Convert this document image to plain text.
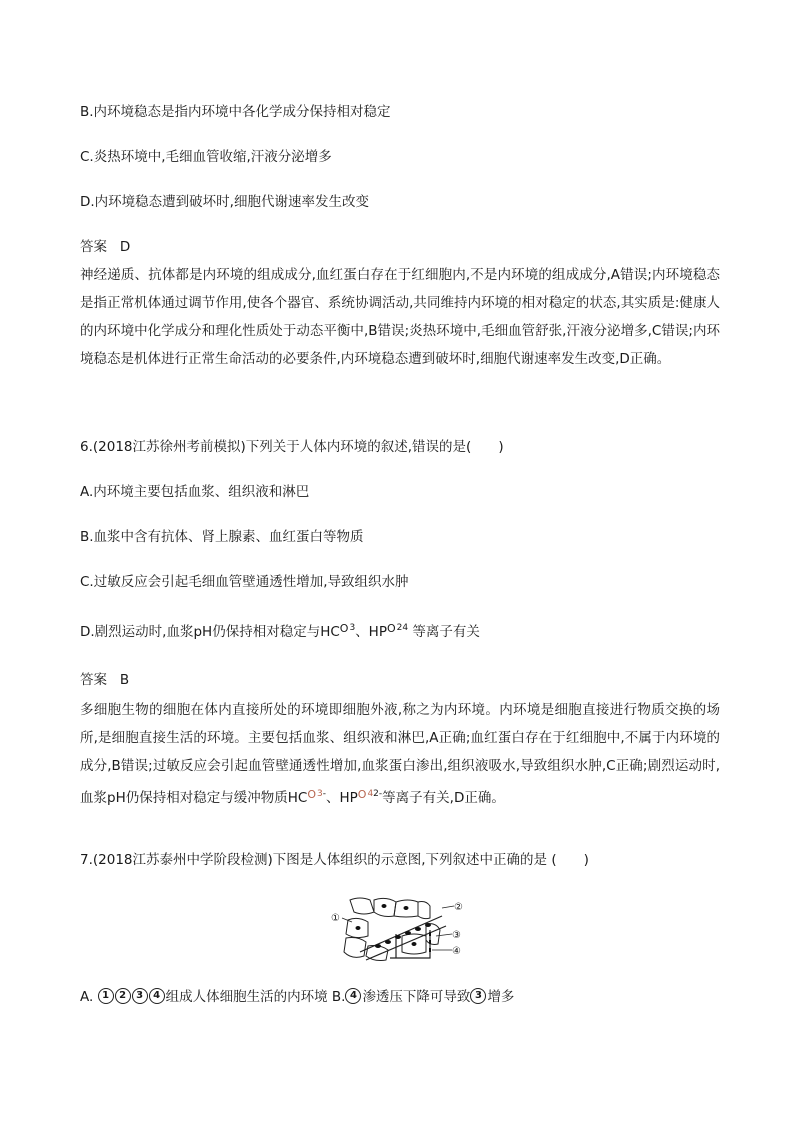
B.内环境稳态是指内环境中各化学成分保持相对稳定
C.炎热环境中,毛细血管收缩,汗液分泌增多
D.内环境稳态遭到破坏时,细胞代谢速率发生改变
答案 D
神经递质、抗体都是内环境的组成成分,血红蛋白存在于红细胞内,不是内环境的组成成分,A错误;内环境稳态是指正常机体通过调节作用,使各个器官、系统协调活动,共同维持内环境的相对稳定的状态,其实质是:健康人的内环境中化学成分和理化性质处于动态平衡中,B错误;炎热环境中,毛细血管舒张,汗液分泌增多,C错误;内环境稳态是机体进行正常生命活动的必要条件,内环境稳态遭到破坏时,细胞代谢速率发生改变,D正确。
6.(2018江苏徐州考前模拟)下列关于人体内环境的叙述,错误的是(　　)
A.内环境主要包括血浆、组织液和淋巴
B.血浆中含有抗体、肾上腺素、血红蛋白等物质
C.过敏反应会引起毛细血管壁通透性增加,导致组织水肿
D.剧烈运动时,血浆pH仍保持相对稳定与$HC^{O3}$、$HP^{O24}$ 等离子有关
答案 B
多细胞生物的细胞在体内直接所处的环境即细胞外液,称之为内环境。内环境是细胞直接进行物质交换的场所,是细胞直接生活的环境。主要包括血浆、组织液和淋巴,A正确;血红蛋白存在于红细胞中,不属于内环境的成分,B错误;过敏反应会引起血管壁通透性增加,血浆蛋白渗出,组织液吸水,导致组织水肿,C正确;剧烈运动时,血浆pH仍保持相对稳定与缓冲物质$HC^{O3-}$、$HP^{O42-}$等离子有关,D正确。
7.(2018江苏泰州中学阶段检测)下图是人体组织的示意图,下列叙述中正确的是 (　　)
①
②
③
④
A. 1 2 3 4 组成人体细胞生活的内环境 B. 4 渗透压下降可导致 3 增多
